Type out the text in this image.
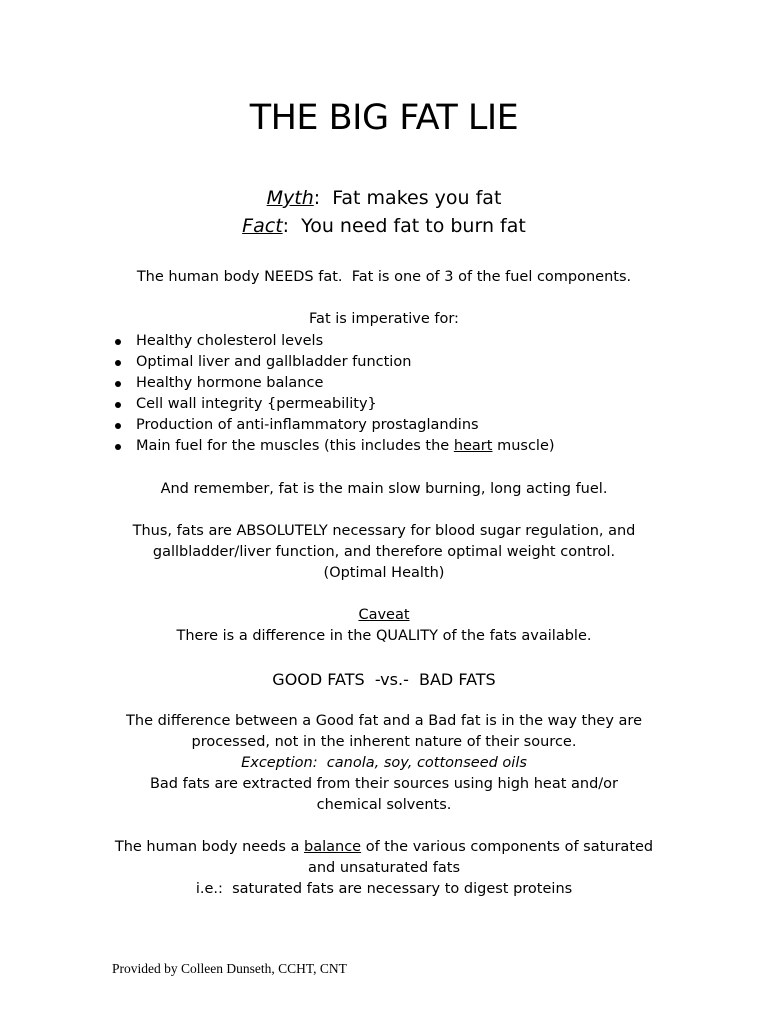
THE BIG FAT LIE
Myth:  Fat makes you fat
Fact:  You need fat to burn fat
The human body NEEDS fat.  Fat is one of 3 of the fuel components.
Fat is imperative for:
Healthy cholesterol levels
Optimal liver and gallbladder function
Healthy hormone balance
Cell wall integrity {permeability}
Production of anti-inflammatory prostaglandins
Main fuel for the muscles (this includes the heart muscle)
And remember, fat is the main slow burning, long acting fuel.
Thus, fats are ABSOLUTELY necessary for blood sugar regulation, and
gallbladder/liver function, and therefore optimal weight control.
(Optimal Health)
Caveat
There is a difference in the QUALITY of the fats available.
GOOD FATS  -vs.-  BAD FATS
The difference between a Good fat and a Bad fat is in the way they are
processed, not in the inherent nature of their source.
Exception:  canola, soy, cottonseed oils
Bad fats are extracted from their sources using high heat and/or
chemical solvents.
The human body needs a balance of the various components of saturated
and unsaturated fats
i.e.:  saturated fats are necessary to digest proteins
Provided by Colleen Dunseth, CCHT, CNT
